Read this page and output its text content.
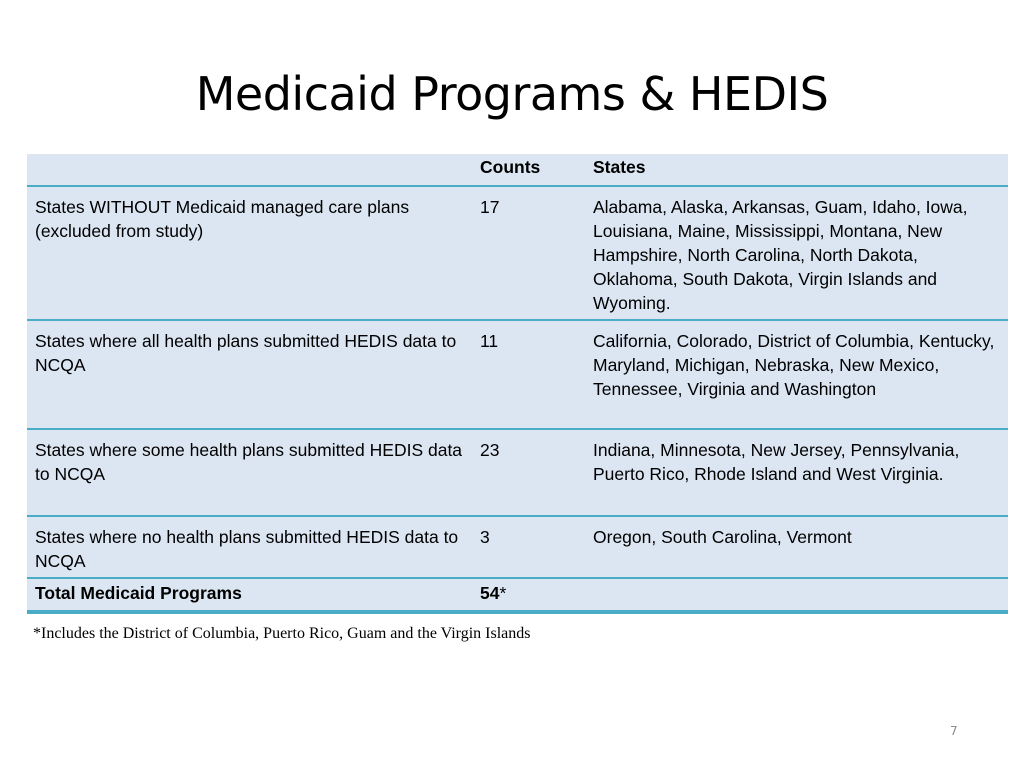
Medicaid Programs & HEDIS
	Counts	States
States WITHOUT Medicaid managed care plans (excluded from study)	17	Alabama, Alaska, Arkansas, Guam, Idaho, Iowa, Louisiana, Maine, Mississippi, Montana, New Hampshire, North Carolina, North Dakota, Oklahoma, South Dakota, Virgin Islands and Wyoming.
States where all health plans submitted HEDIS data to NCQA	11	California, Colorado, District of Columbia, Kentucky, Maryland, Michigan, Nebraska, New Mexico, Tennessee, Virginia and Washington
States where some health plans submitted HEDIS data to NCQA	23	Indiana, Minnesota, New Jersey, Pennsylvania, Puerto Rico, Rhode Island and West Virginia.
States where no health plans submitted HEDIS data to NCQA	3	Oregon, South Carolina, Vermont
Total Medicaid Programs	54*	
*Includes the District of Columbia, Puerto Rico, Guam and the Virgin Islands
7
